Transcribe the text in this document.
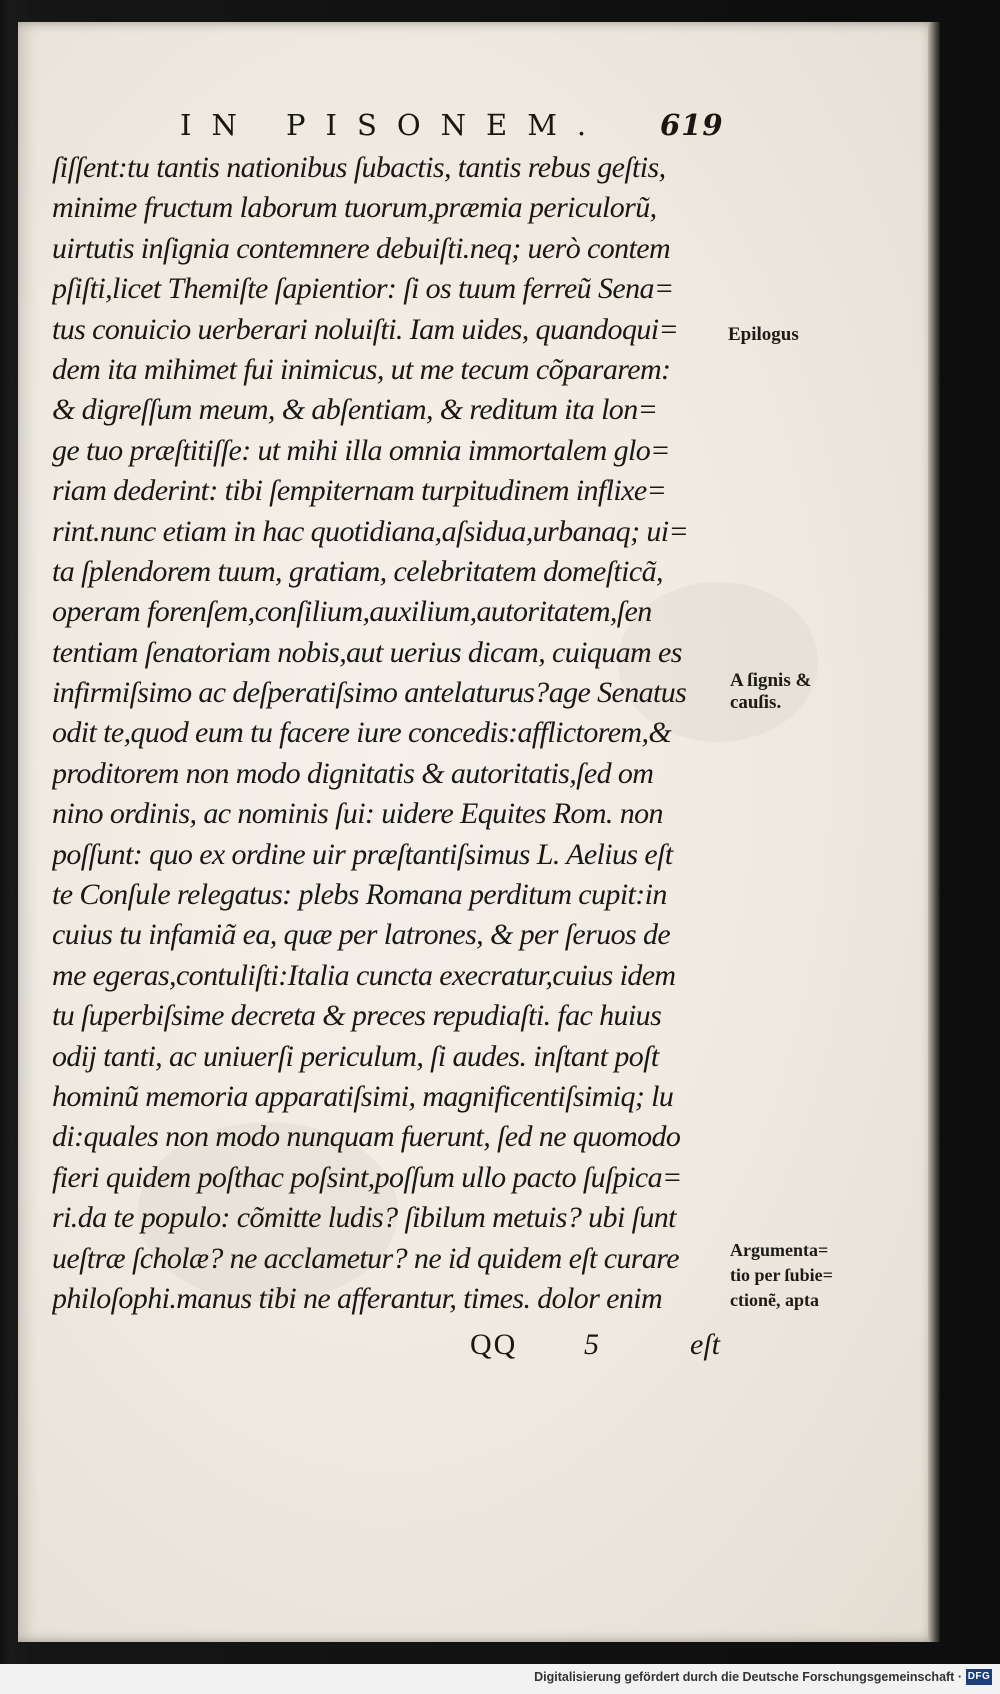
IN PISONEM. 619
ſiſſent:tu tantis nationibus ſubactis, tantis rebus geſtis,
minime fructum laborum tuorum,præmia periculorũ,
uirtutis inſignia contemnere debuiſti.neq; uerò contem
pſiſti,licet Themiſte ſapientior: ſi os tuum ferreũ Sena=
tus conuicio uerberari noluiſti. Iam uides, quandoqui=
dem ita mihimet fui inimicus, ut me tecum cõpararem:
& digreſſum meum, & abſentiam, & reditum ita lon=
ge tuo præſtitiſſe: ut mihi illa omnia immortalem glo=
riam dederint: tibi ſempiternam turpitudinem inflixe=
rint.nunc etiam in hac quotidiana,aſsidua,urbanaq; ui=
ta ſplendorem tuum, gratiam, celebritatem domeſticã,
operam forenſem,conſilium,auxilium,autoritatem,ſen
tentiam ſenatoriam nobis,aut uerius dicam, cuiquam es
infirmiſsimo ac deſperatiſsimo antelaturus?age Senatus
odit te,quod eum tu facere iure concedis:afflictorem,&
proditorem non modo dignitatis & autoritatis,ſed om
nino ordinis, ac nominis ſui: uidere Equites Rom. non
poſſunt: quo ex ordine uir præſtantiſsimus L. Aelius eſt
te Conſule relegatus: plebs Romana perditum cupit:in
cuius tu infamiã ea, quæ per latrones, & per ſeruos de
me egeras,contuliſti:Italia cuncta execratur,cuius idem
tu ſuperbiſsime decreta & preces repudiaſti. fac huius
odij tanti, ac uniuerſi periculum, ſi audes. inſtant poſt
hominũ memoria apparatiſsimi, magnificentiſsimiq; lu
di:quales non modo nunquam fuerunt, ſed ne quomodo
fieri quidem poſthac poſsint,poſſum ullo pacto ſuſpica=
ri.da te populo: cõmitte ludis? ſibilum metuis? ubi ſunt
ueſtræ ſcholæ? ne acclametur? ne id quidem eſt curare
philoſophi.manus tibi ne afferantur, times. dolor enim
Epilogus
A ſignis &
cauſis.
Argumenta=
tio per ſubie=
ctionẽ, apta
QQ 5	eſt
Digitalisierung gefördert durch die Deutsche Forschungsgemeinschaft · DFG
